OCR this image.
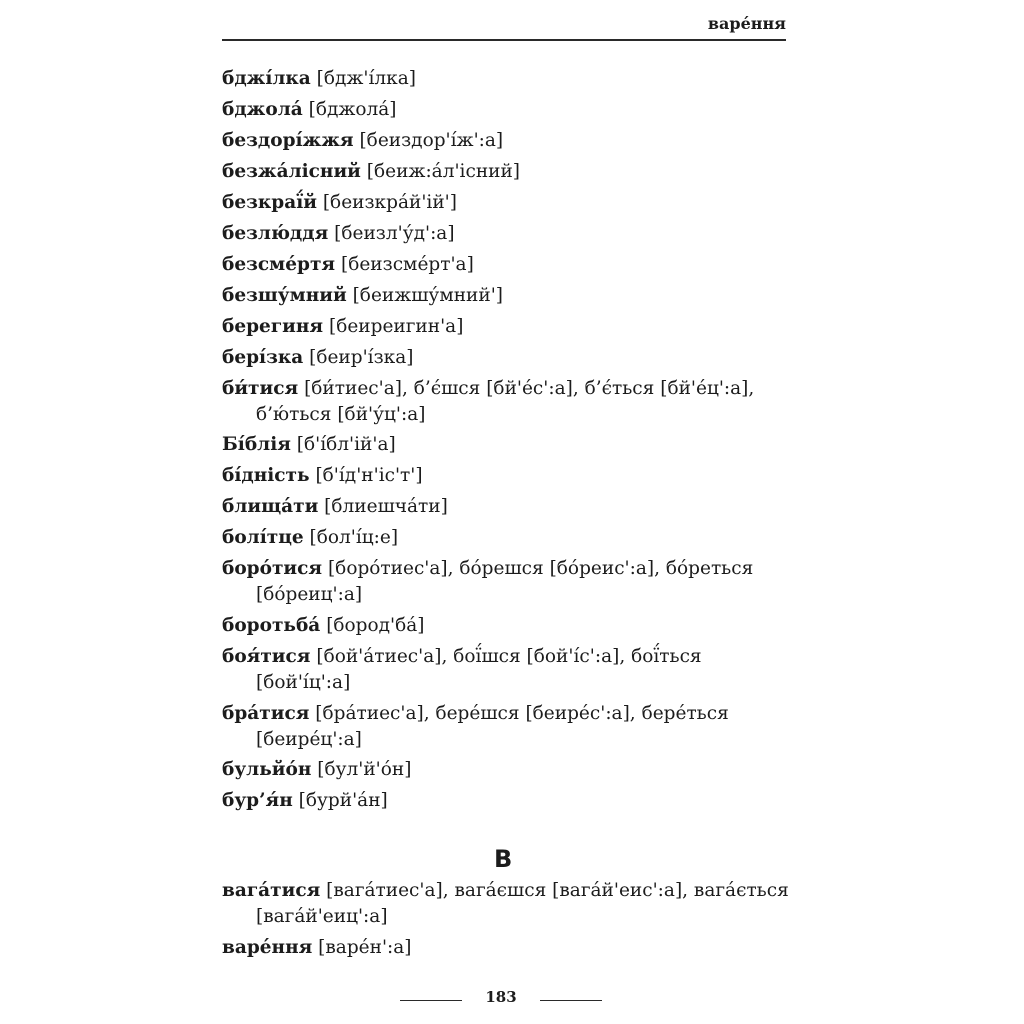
варе́ння
бджі́лка [бдж'і́лка]
бджола́ [бджола́]
бездорі́жжя [беиздор'і́ж':а]
безжа́лісний [беиж:а́л'існий]
безкраї́й [беизкра́й'ій']
безлю́ддя [беизл'у́д':а]
безсме́ртя [беизсме́рт'а]
безшу́мний [беижшу́мний']
берегиня [беиреигин'а]
бері́зка [беир'і́зка]
би́тися [би́тиес'а], б’є́шся [бй'е́с':а], б’є́ться [бй'е́ц':а],
б’ю́ться [бй'у́ц':а]
Бі́блія [б'і́бл'ій'а]
бі́дність [б'і́д'н'іс'т']
блища́ти [блиешча́ти]
болі́тце [бол'і́ц:е]
боро́тися [боро́тиес'а], бо́решся [бо́реис':а], бо́реться
[бо́реиц':а]
боротьба́ [бород'ба́]
боя́тися [бой'а́тиес'а], бої́шся [бой'і́с':а], бої́ться
[бой'і́ц':а]
бра́тися [бра́тиес'а], бере́шся [беире́с':а], бере́ться
[беире́ц':а]
бульйо́н [бул'й'о́н]
бур’я́н [бурй'а́н]
В
вага́тися [вага́тиес'а], вага́єшся [вага́й'еис':а], вага́ється
[вага́й'еиц':а]
варе́ння [варе́н':а]
183
